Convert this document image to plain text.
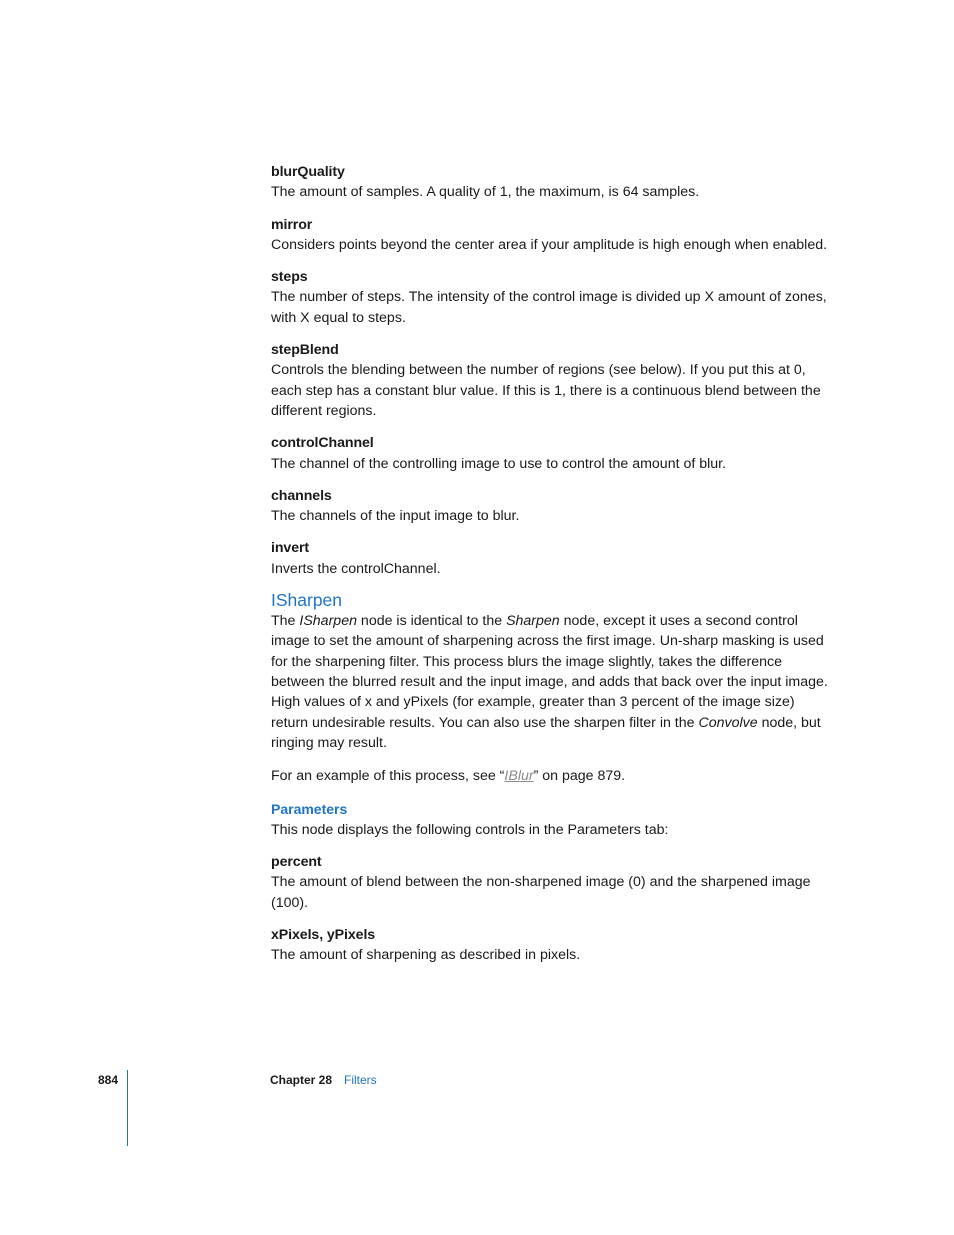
blurQuality

The amount of samples. A quality of 1, the maximum, is 64 samples.

mirror

Considers points beyond the center area if your amplitude is high enough when enabled.

steps

The number of steps. The intensity of the control image is divided up X amount of zones, with X equal to steps.

stepBlend

Controls the blending between the number of regions (see below). If you put this at 0, each step has a constant blur value. If this is 1, there is a continuous blend between the different regions.

controlChannel

The channel of the controlling image to use to control the amount of blur.

channels

The channels of the input image to blur.

invert

Inverts the controlChannel.

ISharpen

The ISharpen node is identical to the Sharpen node, except it uses a second control image to set the amount of sharpening across the first image. Un-sharp masking is used for the sharpening filter. This process blurs the image slightly, takes the difference between the blurred result and the input image, and adds that back over the input image. High values of x and yPixels (for example, greater than 3 percent of the image size) return undesirable results. You can also use the sharpen filter in the Convolve node, but ringing may result.

For an example of this process, see “IBlur” on page 879.

Parameters

This node displays the following controls in the Parameters tab:

percent

The amount of blend between the non-sharpened image (0) and the sharpened image (100).

xPixels, yPixels

The amount of sharpening as described in pixels.

884	Chapter 28 Filters
